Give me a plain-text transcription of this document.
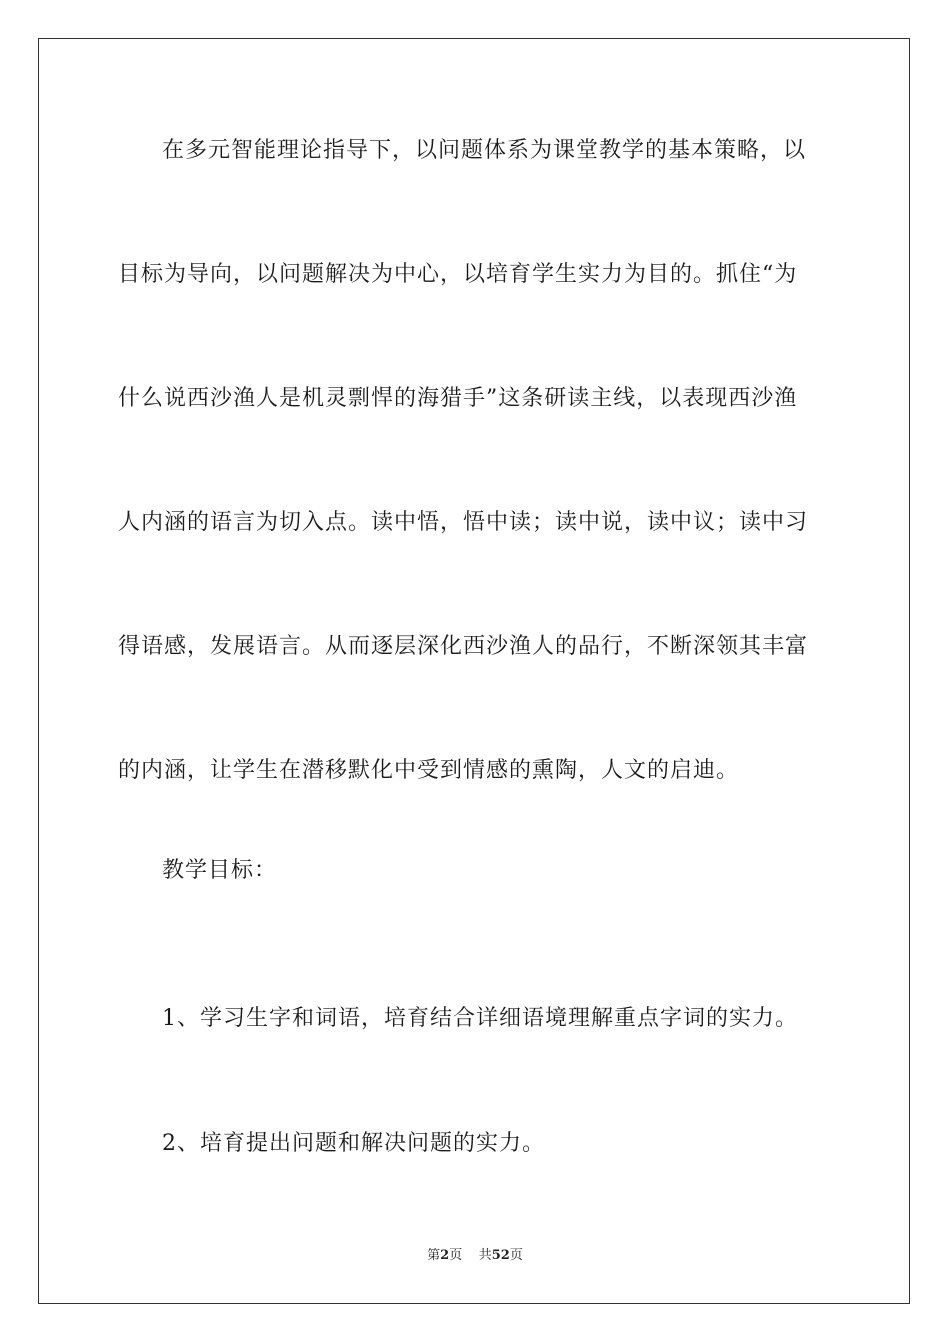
在多元智能理论指导下，以问题体系为课堂教学的基本策略，以
目标为导向，以问题解决为中心，以培育学生实力为目的。抓住“为
什么说西沙渔人是机灵剽悍的海猎手”这条研读主线，以表现西沙渔
人内涵的语言为切入点。读中悟，悟中读；读中说，读中议；读中习
得语感，发展语言。从而逐层深化西沙渔人的品行，不断深领其丰富
的内涵，让学生在潜移默化中受到情感的熏陶，人文的启迪。
教学目标：
1、学习生字和词语，培育结合详细语境理解重点字词的实力。
2、培育提出问题和解决问题的实力。
第2页 共52页
